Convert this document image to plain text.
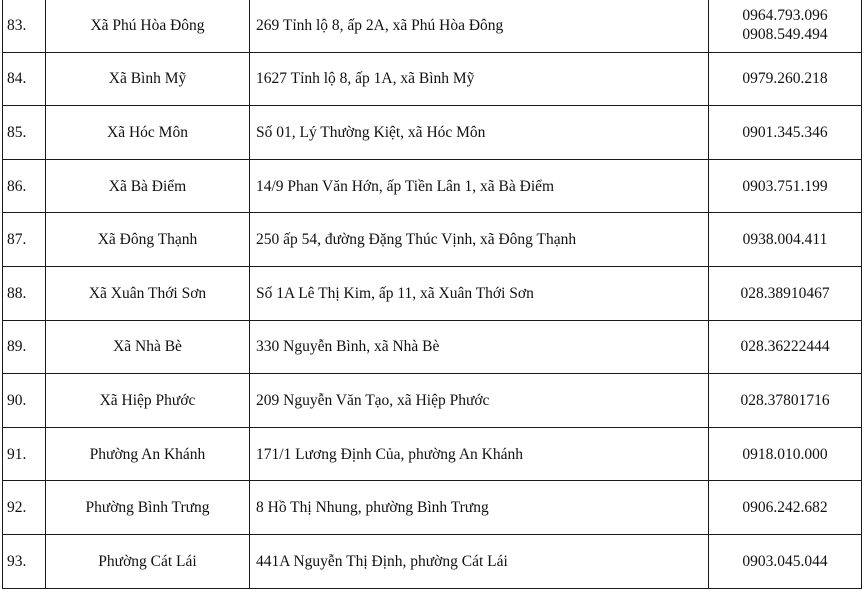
83.	Xã Phú Hòa Đông	269 Tỉnh lộ 8, ấp 2A, xã Phú Hòa Đông	0964.793.096
0908.549.494

84.	Xã Bình Mỹ	1627 Tỉnh lộ 8, ấp 1A, xã Bình Mỹ	0979.260.218

85.	Xã Hóc Môn	Số 01, Lý Thường Kiệt, xã Hóc Môn	0901.345.346

86.	Xã Bà Điểm	14/9 Phan Văn Hớn, ấp Tiền Lân 1, xã Bà Điểm	0903.751.199

87.	Xã Đông Thạnh	250 ấp 54, đường Đặng Thúc Vịnh, xã Đông Thạnh	0938.004.411

88.	Xã Xuân Thới Sơn	Số 1A Lê Thị Kim, ấp 11, xã Xuân Thới Sơn	028.38910467

89.	Xã Nhà Bè	330 Nguyễn Bình, xã Nhà Bè	028.36222444

90.	Xã Hiệp Phước	209 Nguyễn Văn Tạo, xã Hiệp Phước	028.37801716

91.	Phường An Khánh	171/1 Lương Định Của, phường An Khánh	0918.010.000

92.	Phường Bình Trưng	8 Hồ Thị Nhung, phường Bình Trưng	0906.242.682

93.	Phường Cát Lái	441A Nguyễn Thị Định, phường Cát Lái	0903.045.044
